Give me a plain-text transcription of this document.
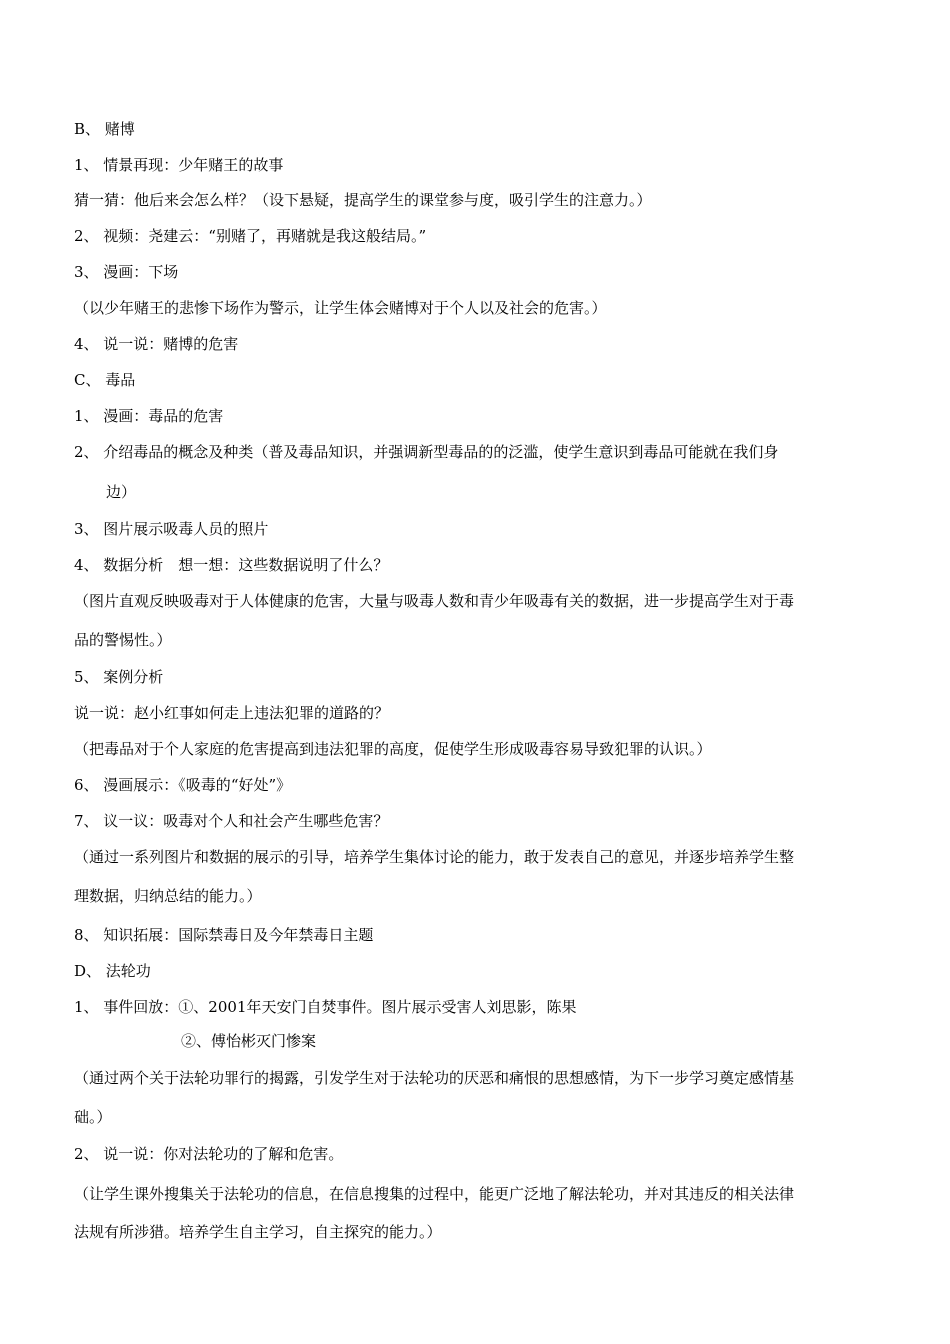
B、 赌博
1、 情景再现：少年赌王的故事
猜一猜：他后来会怎么样？（设下悬疑，提高学生的课堂参与度，吸引学生的注意力。）
2、 视频：尧建云：“别赌了，再赌就是我这般结局。”
3、 漫画：下场
（以少年赌王的悲惨下场作为警示，让学生体会赌博对于个人以及社会的危害。）
4、 说一说：赌博的危害
C、 毒品
1、 漫画：毒品的危害
2、 介绍毒品的概念及种类（普及毒品知识，并强调新型毒品的的泛滥，使学生意识到毒品可能就在我们身
边）
3、 图片展示吸毒人员的照片
4、 数据分析　想一想：这些数据说明了什么？
（图片直观反映吸毒对于人体健康的危害，大量与吸毒人数和青少年吸毒有关的数据，进一步提高学生对于毒
品的警惕性。）
5、 案例分析
说一说：赵小红事如何走上违法犯罪的道路的？
（把毒品对于个人家庭的危害提高到违法犯罪的高度，促使学生形成吸毒容易导致犯罪的认识。）
6、 漫画展示：《吸毒的“好处”》
7、 议一议：吸毒对个人和社会产生哪些危害？
（通过一系列图片和数据的展示的引导，培养学生集体讨论的能力，敢于发表自己的意见，并逐步培养学生整
理数据，归纳总结的能力。）
8、 知识拓展：国际禁毒日及今年禁毒日主题
D、 法轮功
1、 事件回放：①、2001年天安门自焚事件。图片展示受害人刘思影，陈果
②、傅怡彬灭门惨案
（通过两个关于法轮功罪行的揭露，引发学生对于法轮功的厌恶和痛恨的思想感情，为下一步学习奠定感情基
础。）
2、 说一说：你对法轮功的了解和危害。
（让学生课外搜集关于法轮功的信息，在信息搜集的过程中，能更广泛地了解法轮功，并对其违反的相关法律
法规有所涉猎。培养学生自主学习，自主探究的能力。）
